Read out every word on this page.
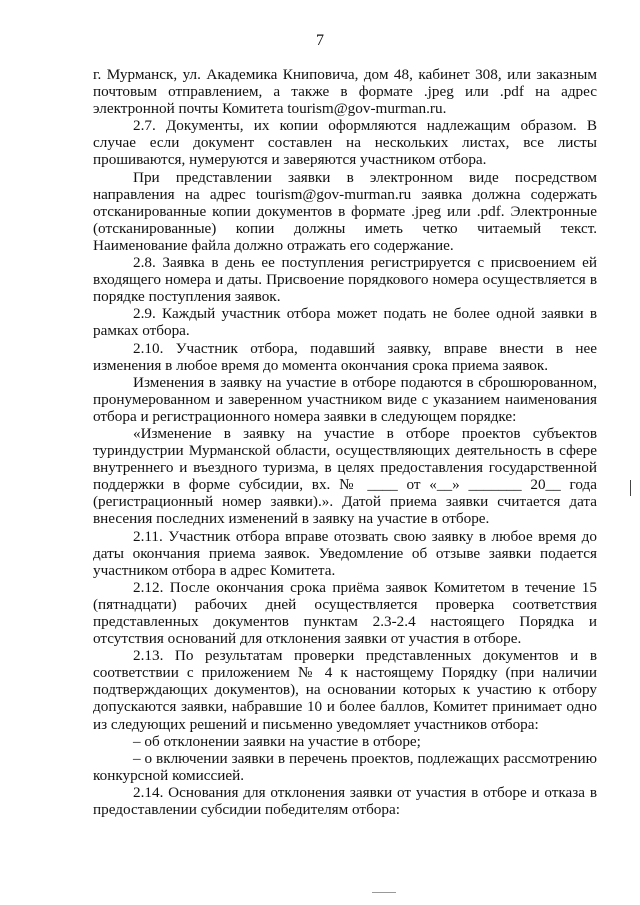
7

г. Мурманск, ул. Академика Книповича, дом 48, кабинет 308, или заказным почтовым отправлением, а также в формате .jpeg или .pdf на адрес электронной почты Комитета tourism@gov-murman.ru.

2.7. Документы, их копии оформляются надлежащим образом. В случае если документ составлен на нескольких листах, все листы прошиваются, нумеруются и заверяются участником отбора.

При представлении заявки в электронном виде посредством направления на адрес tourism@gov-murman.ru заявка должна содержать отсканированные копии документов в формате .jpeg или .pdf. Электронные (отсканированные) копии должны иметь четко читаемый текст. Наименование файла должно отражать его содержание.

2.8. Заявка в день ее поступления регистрируется с присвоением ей входящего номера и даты. Присвоение порядкового номера осуществляется в порядке поступления заявок.

2.9. Каждый участник отбора может подать не более одной заявки в рамках отбора.

2.10. Участник отбора, подавший заявку, вправе внести в нее изменения в любое время до момента окончания срока приема заявок.

Изменения в заявку на участие в отборе подаются в сброшюрованном, пронумерованном и заверенном участником виде с указанием наименования отбора и регистрационного номера заявки в следующем порядке:

«Изменение в заявку на участие в отборе проектов субъектов туриндустрии Мурманской области, осуществляющих деятельность в сфере внутреннего и въездного туризма, в целях предоставления государственной поддержки в форме субсидии, вх. № ____ от «__» _______ 20__ года (регистрационный номер заявки).». Датой приема заявки считается дата внесения последних изменений в заявку на участие в отборе.

2.11. Участник отбора вправе отозвать свою заявку в любое время до даты окончания приема заявок. Уведомление об отзыве заявки подается участником отбора в адрес Комитета.

2.12. После окончания срока приёма заявок Комитетом в течение 15 (пятнадцати) рабочих дней осуществляется проверка соответствия представленных документов пунктам 2.3-2.4 настоящего Порядка и отсутствия оснований для отклонения заявки от участия в отборе.

2.13. По результатам проверки представленных документов и в соответствии с приложением № 4 к настоящему Порядку (при наличии подтверждающих документов), на основании которых к участию к отбору допускаются заявки, набравшие 10 и более баллов, Комитет принимает одно из следующих решений и письменно уведомляет участников отбора:

– об отклонении заявки на участие в отборе;

– о включении заявки в перечень проектов, подлежащих рассмотрению конкурсной комиссией.

2.14. Основания для отклонения заявки от участия в отборе и отказа в предоставлении субсидии победителям отбора:
